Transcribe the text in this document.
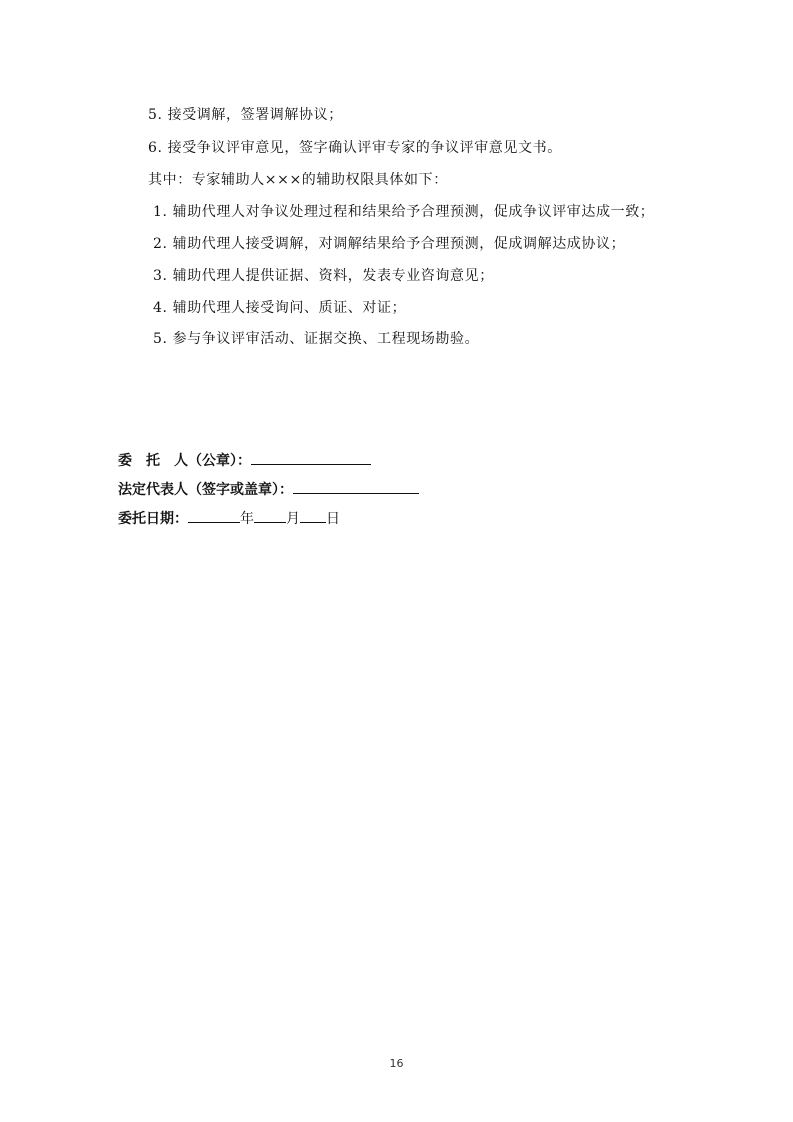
5. 接受调解，签署调解协议；
6. 接受争议评审意见，签字确认评审专家的争议评审意见文书。
其中：专家辅助人×××的辅助权限具体如下：
1. 辅助代理人对争议处理过程和结果给予合理预测，促成争议评审达成一致；
2. 辅助代理人接受调解，对调解结果给予合理预测，促成调解达成协议；
3. 辅助代理人提供证据、资料，发表专业咨询意见；
4. 辅助代理人接受询问、质证、对证；
5. 参与争议评审活动、证据交换、工程现场勘验。
委　托　人（公章）：
法定代表人（签字或盖章）：
委托日期：	年 月 日
16
